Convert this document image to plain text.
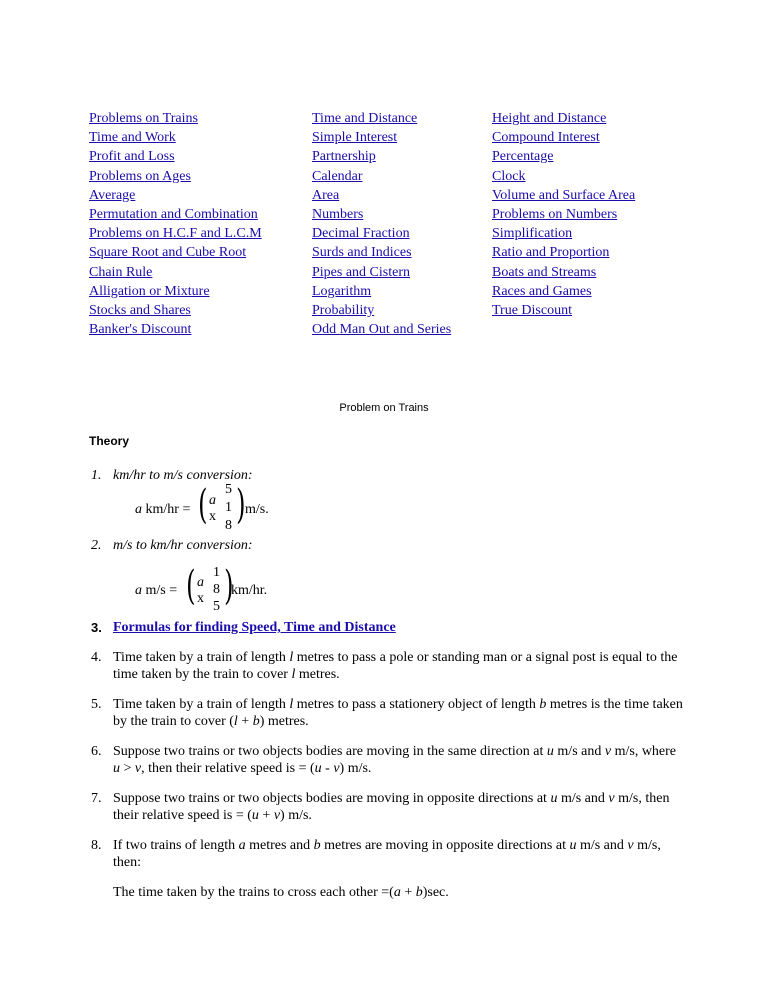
Problems on Trains
Time and Work
Profit and Loss
Problems on Ages
Average
Permutation and Combination
Problems on H.C.F and L.C.M
Square Root and Cube Root
Chain Rule
Alligation or Mixture
Stocks and Shares
Banker's Discount
Time and Distance
Simple Interest
Partnership
Calendar
Area
Numbers
Decimal Fraction
Surds and Indices
Pipes and Cistern
Logarithm
Probability
Odd Man Out and Series
Height and Distance
Compound Interest
Percentage
Clock
Volume and Surface Area
Problems on Numbers
Simplification
Ratio and Proportion
Boats and Streams
Races and Games
True Discount
Problem on Trains
Theory
1. km/hr to m/s conversion:
a km/hr = ( a
x
5
1
8 ) m/s.
2. m/s to km/hr conversion:
a m/s = ( a
x
1
8
5 )
km/hr.
3. Formulas for finding Speed, Time and Distance
4. Time taken by a train of length l metres to pass a pole or standing man or a signal post is equal to the time taken by the train to cover l metres.
5. Time taken by a train of length l metres to pass a stationery object of length b metres is the time taken by the train to cover (l + b) metres.
6. Suppose two trains or two objects bodies are moving in the same direction at u m/s and v m/s, where u > v, then their relative speed is = (u - v) m/s.
7. Suppose two trains or two objects bodies are moving in opposite directions at u m/s and v m/s, then their relative speed is = (u + v) m/s.
8. If two trains of length a metres and b metres are moving in opposite directions at u m/s and v m/s, then:
The time taken by the trains to cross each other =(a + b)sec.
